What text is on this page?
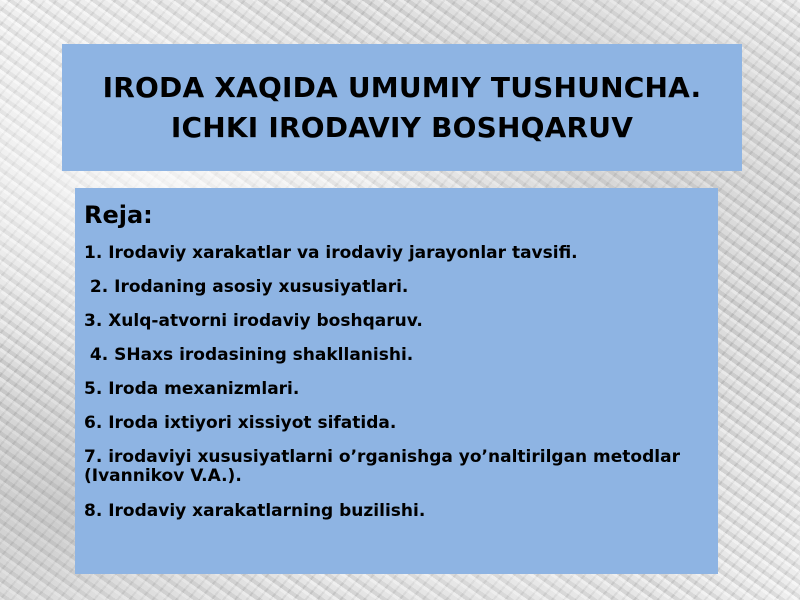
IRODA XAQIDA UMUMIY TUSHUNCHA.
ICHKI IRODAVIY BOSHQARUV
Reja:
1. Irodaviy xarakatlar va irodaviy jarayonlar tavsifi.
2. Irodaning asosiy xususiyatlari.
3. Xulq-atvorni irodaviy boshqaruv.
4. SHaxs irodasining shakllanishi.
5. Iroda mexanizmlari.
6. Iroda ixtiyori xissiyot sifatida.
7. irodaviyi xususiyatlarni o’rganishga yo’naltirilgan metodlar (Ivannikov V.A.).
8. Irodaviy xarakatlarning buzilishi.
